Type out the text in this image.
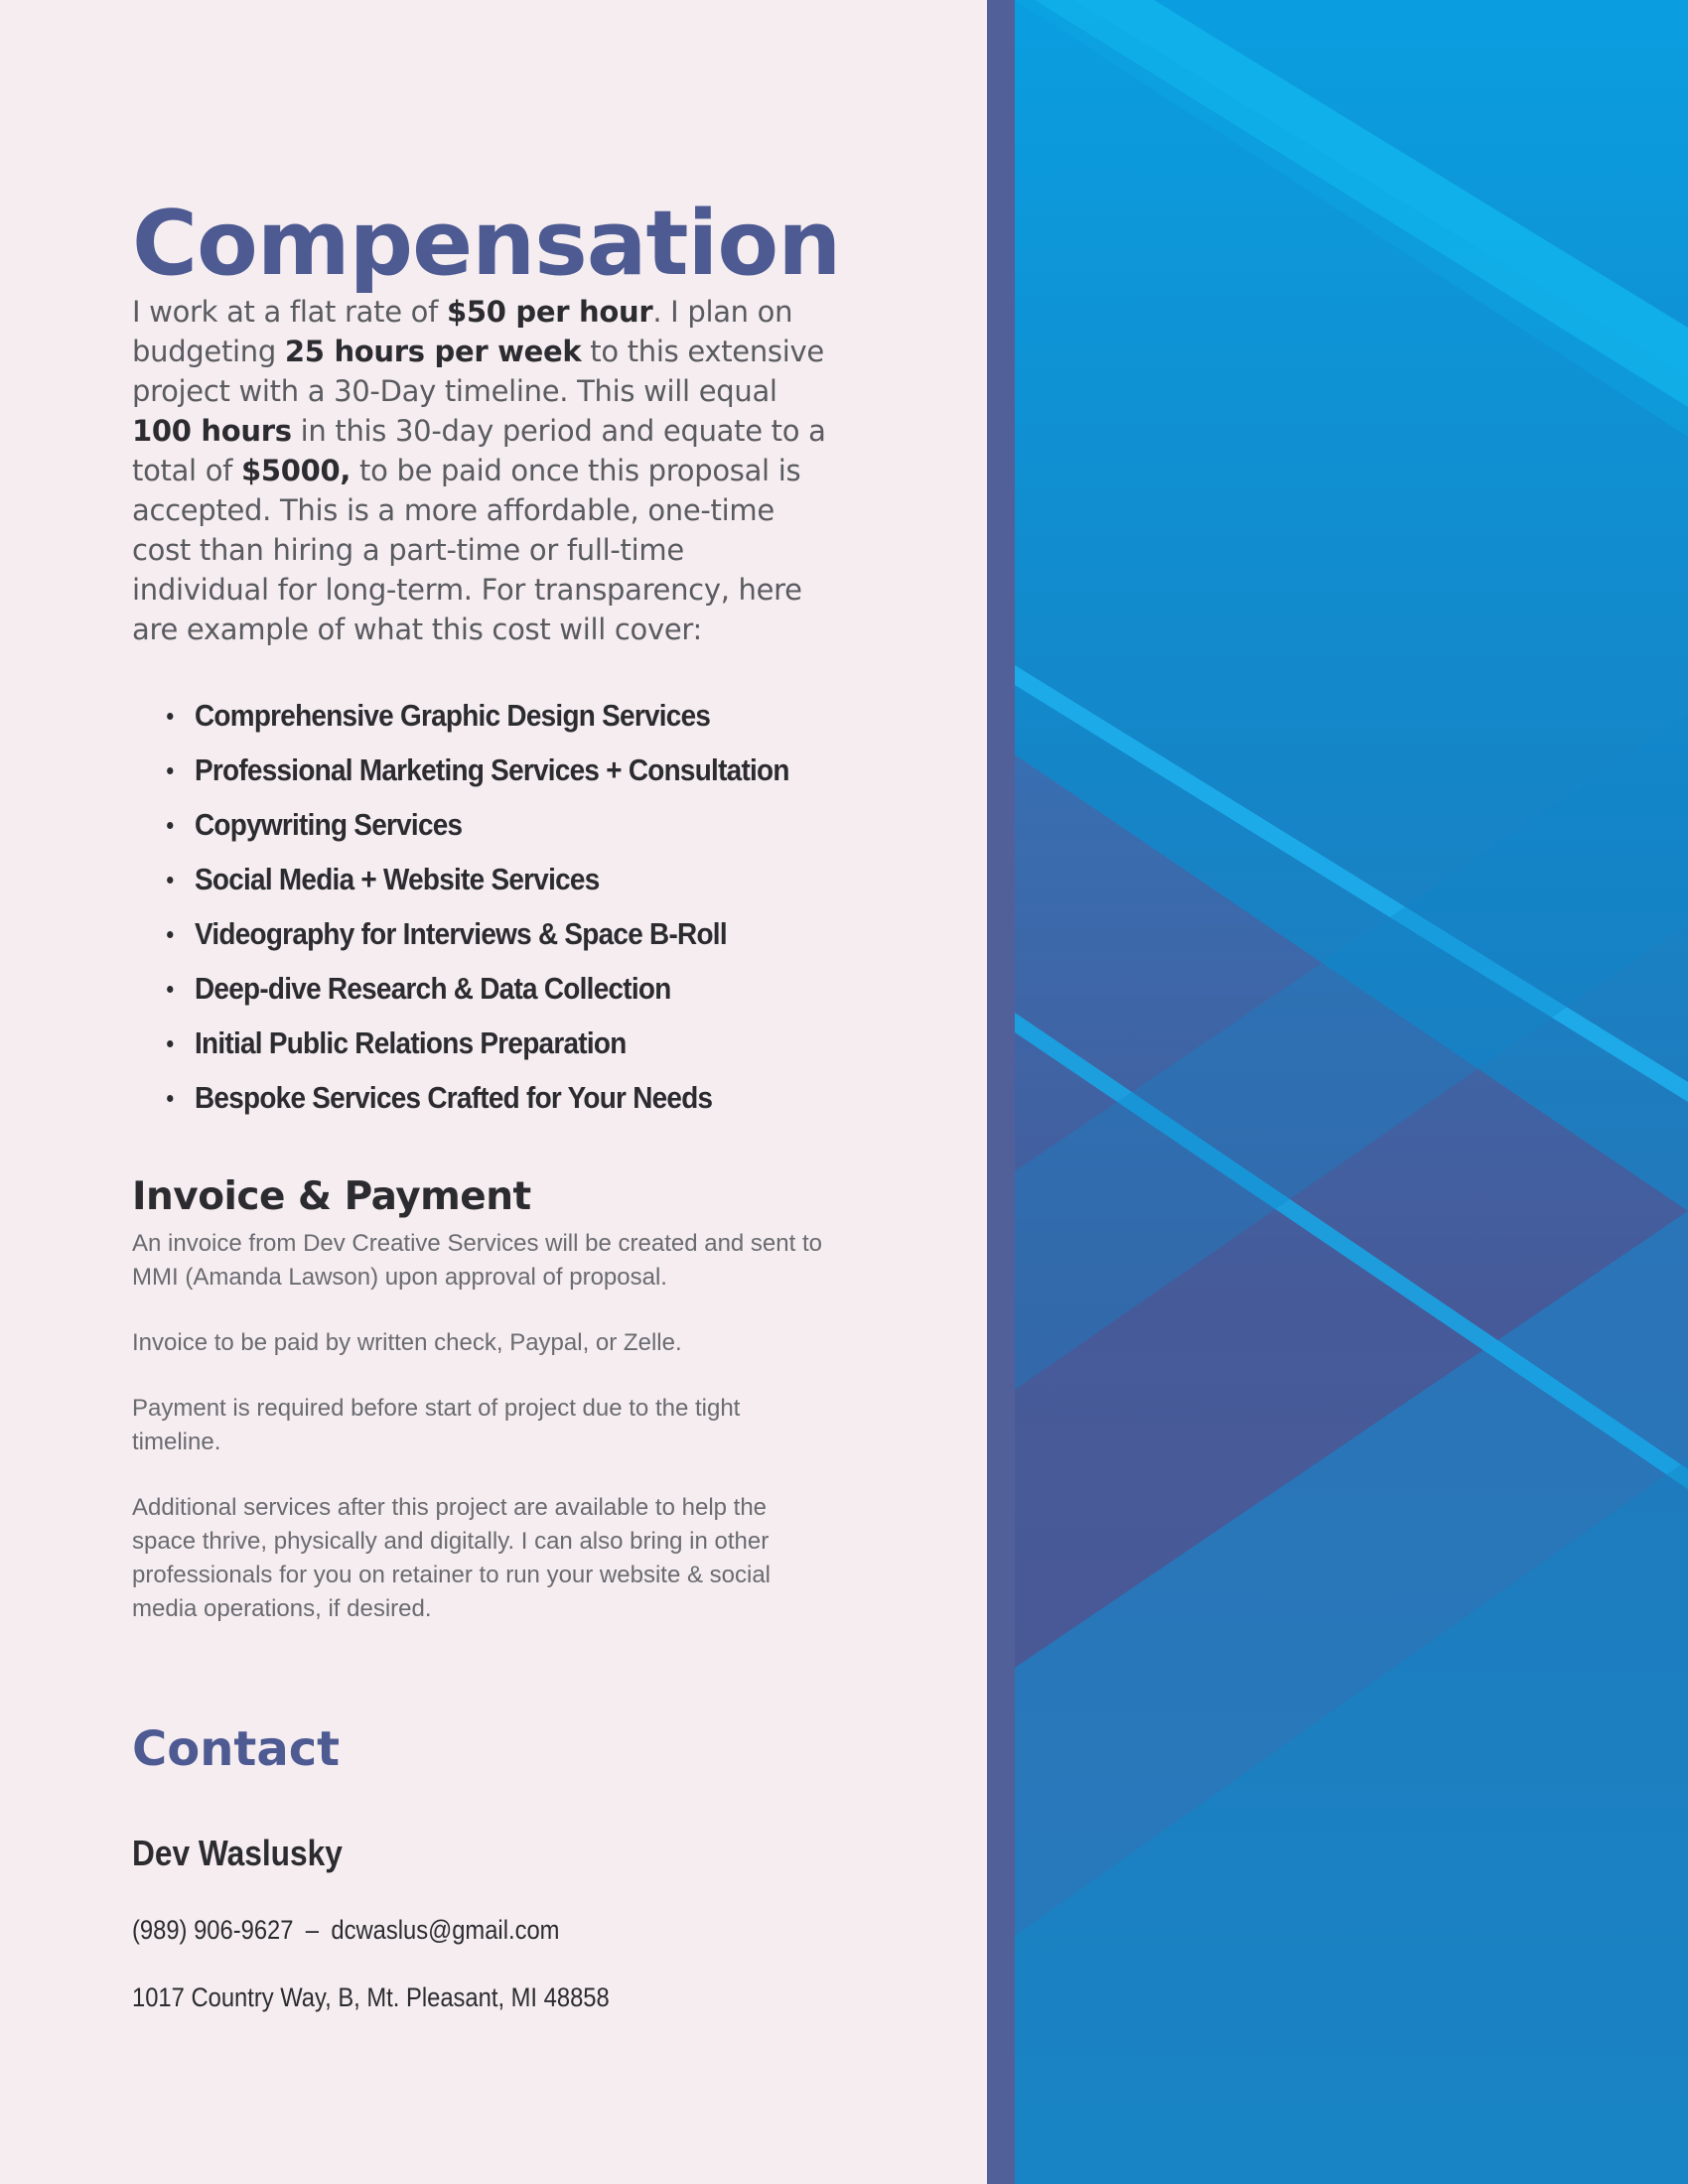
Compensation

I work at a flat rate of $50 per hour. I plan on budgeting 25 hours per week to this extensive project with a 30-Day timeline. This will equal 100 hours in this 30-day period and equate to a total of $5000, to be paid once this proposal is accepted. This is a more affordable, one-time cost than hiring a part-time or full-time individual for long-term. For transparency, here are example of what this cost will cover:

Comprehensive Graphic Design Services
Professional Marketing Services + Consultation
Copywriting Services
Social Media + Website Services
Videography for Interviews & Space B-Roll
Deep-dive Research & Data Collection
Initial Public Relations Preparation
Bespoke Services Crafted for Your Needs
Invoice & Payment

An invoice from Dev Creative Services will be created and sent to MMI (Amanda Lawson) upon approval of proposal.

Invoice to be paid by written check, Paypal, or Zelle.

Payment is required before start of project due to the tight timeline.

Additional services after this project are available to help the space thrive, physically and digitally. I can also bring in other professionals for you on retainer to run your website & social media operations, if desired.

Contact

Dev Waslusky

(989) 906-9627 – dcwaslus@gmail.com

1017 Country Way, B, Mt. Pleasant, MI 48858
